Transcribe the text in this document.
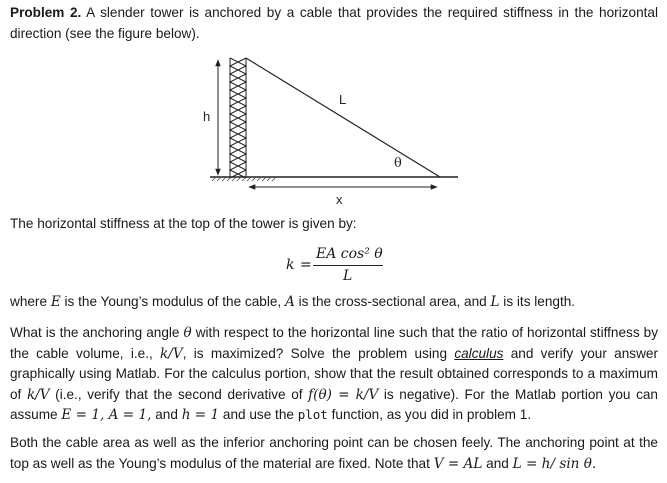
Problem 2. A slender tower is anchored by a cable that provides the required stiffness in the horizontal direction (see the figure below).
h
L
θ
x
The horizontal stiffness at the top of the tower is given by:
k =
EA cos² θ
L
where E is the Young’s modulus of the cable, A is the cross-sectional area, and L is its length.
What is the anchoring angle θ with respect to the horizontal line such that the ratio of horizontal stiffness by the cable volume, i.e., k/V, is maximized? Solve the problem using calculus and verify your answer graphically using Matlab. For the calculus portion, show that the result obtained corresponds to a maximum of k/V (i.e., verify that the second derivative of f(θ) = k/V is negative). For the Matlab portion you can assume E = 1, A = 1, and h = 1 and use the plot function, as you did in problem 1.
Both the cable area as well as the inferior anchoring point can be chosen feely. The anchoring point at the top as well as the Young’s modulus of the material are fixed. Note that V = AL and L = h/ sin θ.
